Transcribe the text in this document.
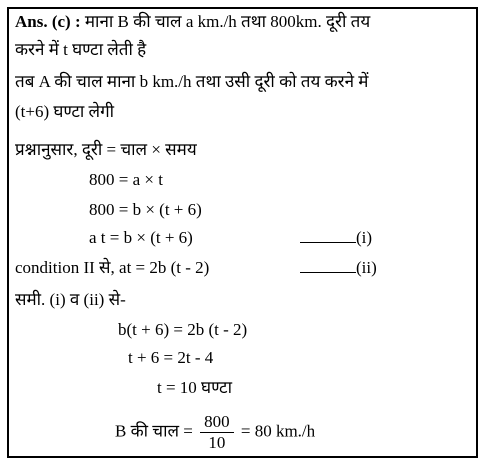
Ans. (c) : माना B की चाल a km./h तथा 800km. दूरी तय
करने में t घण्टा लेती है
तब A की चाल माना b km./h तथा उसी दूरी को तय करने में
(t+6) घण्टा लेगी
प्रश्नानुसार, दूरी = चाल × समय
800 = a × t
800 = b × (t + 6)
a t = b × (t + 6)	(i)
condition II से, at = 2b (t - 2)	(ii)
समी. (i) व (ii) से-
b(t + 6) = 2b (t - 2)
t + 6 = 2t - 4
t = 10 घण्टा
B की चाल = $\frac{800}{10} = 80$ km./h
